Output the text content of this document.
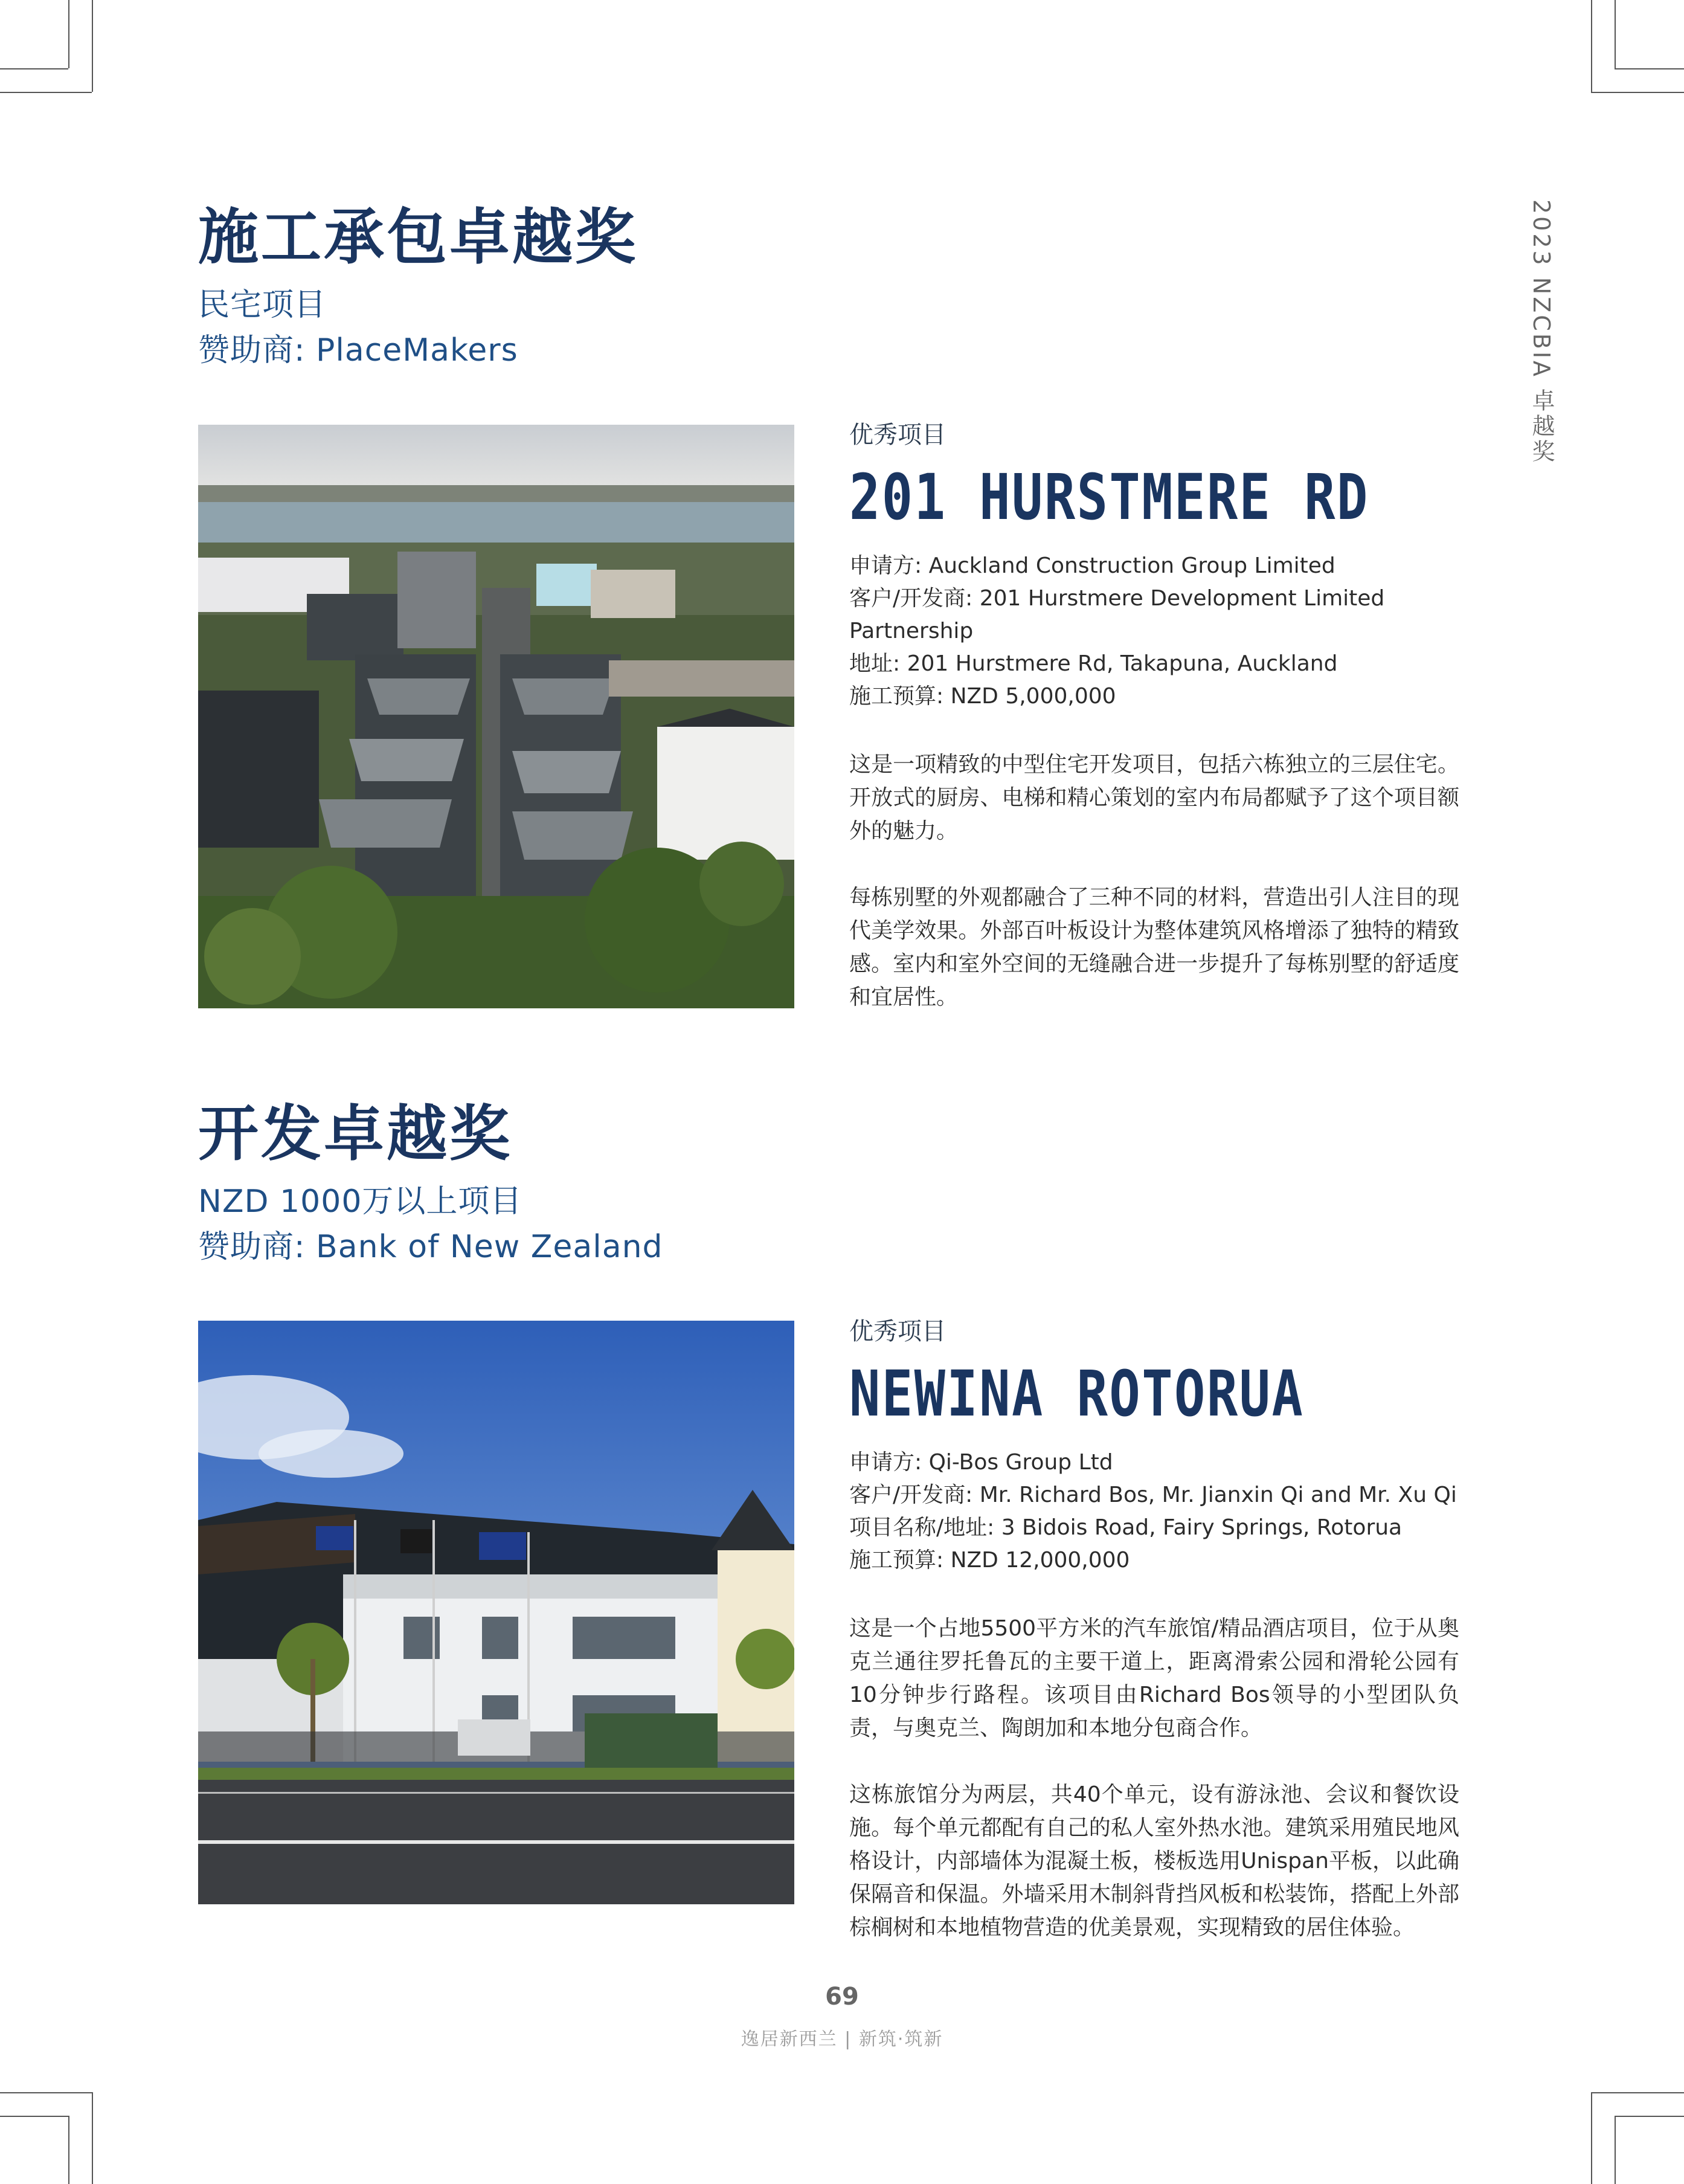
2023 NZCBIA 卓越奖
施工承包卓越奖
民宅项目
赞助商: PlaceMakers
优秀项目
201 HURSTMERE RD
申请方: Auckland Construction Group Limited
客户/开发商: 201 Hurstmere Development Limited Partnership
地址: 201 Hurstmere Rd, Takapuna, Auckland
施工预算: NZD 5,000,000

这是一项精致的中型住宅开发项目，包括六栋独立的三层住宅。开放式的厨房、电梯和精心策划的室内布局都赋予了这个项目额外的魅力。

每栋别墅的外观都融合了三种不同的材料，营造出引人注目的现代美学效果。外部百叶板设计为整体建筑风格增添了独特的精致感。室内和室外空间的无缝融合进一步提升了每栋别墅的舒适度和宜居性。

开发卓越奖
NZD 1000万以上项目
赞助商: Bank of New Zealand
优秀项目
NEWINA ROTORUA
申请方: Qi-Bos Group Ltd
客户/开发商: Mr. Richard Bos, Mr. Jianxin Qi and Mr. Xu Qi
项目名称/地址: 3 Bidois Road, Fairy Springs, Rotorua
施工预算: NZD 12,000,000

这是一个占地5500平方米的汽车旅馆/精品酒店项目，位于从奥克兰通往罗托鲁瓦的主要干道上，距离滑索公园和滑轮公园有10分钟步行路程。该项目由Richard Bos领导的小型团队负责，与奥克兰、陶朗加和本地分包商合作。

这栋旅馆分为两层，共40个单元，设有游泳池、会议和餐饮设施。每个单元都配有自己的私人室外热水池。建筑采用殖民地风格设计，内部墙体为混凝土板，楼板选用Unispan平板，以此确保隔音和保温。外墙采用木制斜背挡风板和松装饰，搭配上外部棕榈树和本地植物营造的优美景观，实现精致的居住体验。

69
逸居新西兰 | 新筑·筑新
